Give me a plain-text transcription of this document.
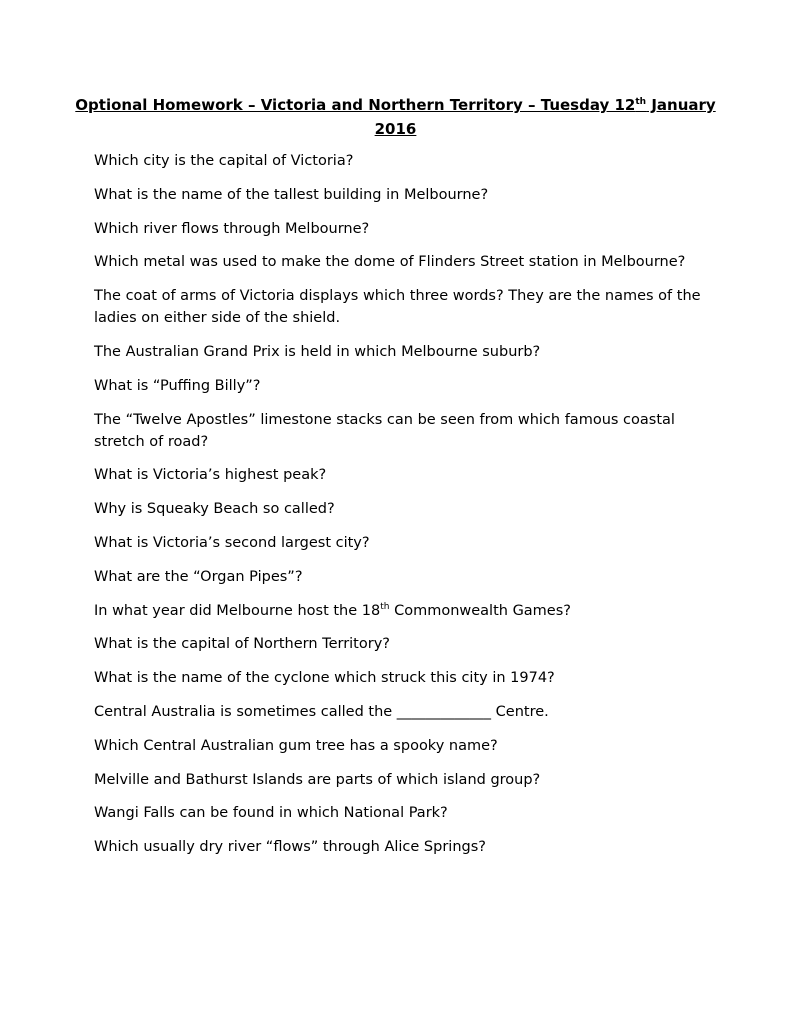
Optional Homework – Victoria and Northern Territory – Tuesday 12th January 2016
Which city is the capital of Victoria?
What is the name of the tallest building in Melbourne?
Which river flows through Melbourne?
Which metal was used to make the dome of Flinders Street station in Melbourne?
The coat of arms of Victoria displays which three words? They are the names of the ladies on either side of the shield.
The Australian Grand Prix is held in which Melbourne suburb?
What is “Puffing Billy”?
The “Twelve Apostles” limestone stacks can be seen from which famous coastal stretch of road?
What is Victoria’s highest peak?
Why is Squeaky Beach so called?
What is Victoria’s second largest city?
What are the “Organ Pipes”?
In what year did Melbourne host the 18th Commonwealth Games?
What is the capital of Northern Territory?
What is the name of the cyclone which struck this city in 1974?
Central Australia is sometimes called the _____________ Centre.
Which Central Australian gum tree has a spooky name?
Melville and Bathurst Islands are parts of which island group?
Wangi Falls can be found in which National Park?
Which usually dry river “flows” through Alice Springs?
